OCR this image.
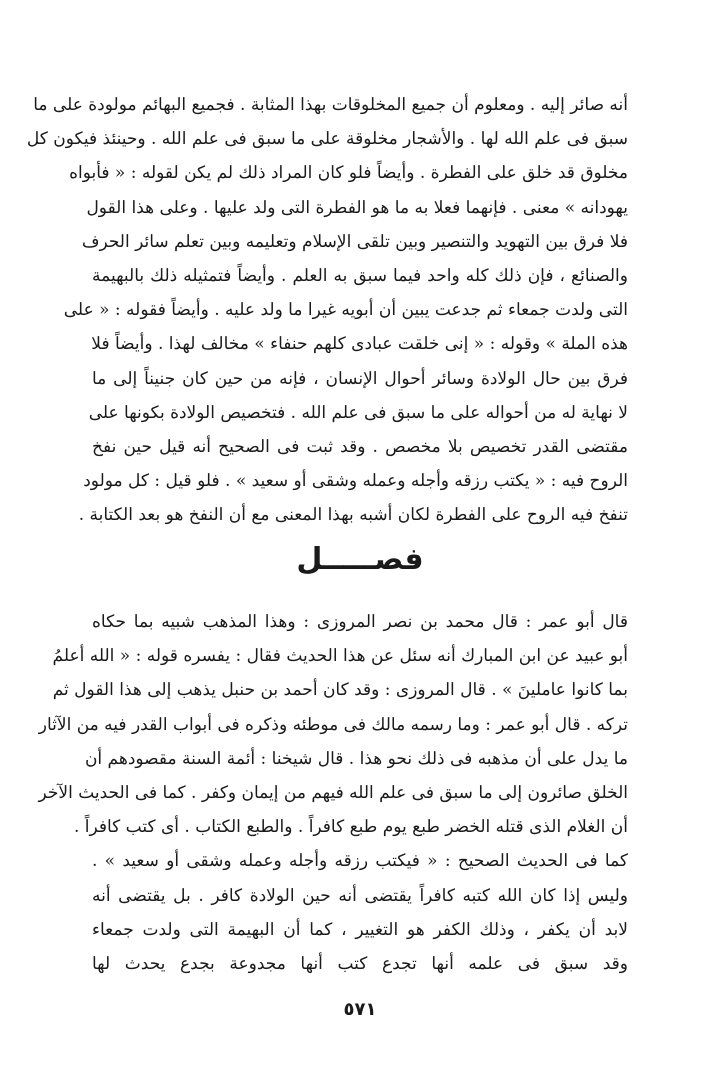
أنه صائر إليه . ومعلوم أن جميع المخلوقات بهذا المثابة . فجميع البهائم مولودة على ما
سبق فى علم الله لها . والأشجار مخلوقة على ما سبق فى علم الله . وحينئذ فيكون كل
مخلوق قد خلق على الفطرة . وأيضاً فلو كان المراد ذلك لم يكن لقوله : « فأبواه
يهودانه » معنى . فإنهما فعلا به ما هو الفطرة التى ولد عليها . وعلى هذا القول
فلا فرق بين التهويد والتنصير وبين تلقى الإسلام وتعليمه وبين تعلم سائر الحرف
والصنائع ، فإن ذلك كله واحد فيما سبق به العلم . وأيضاً فتمثيله ذلك بالبهيمة
التى ولدت جمعاء ثم جدعت يبين أن أبويه غيرا ما ولد عليه . وأيضاً فقوله : « على
هذه الملة » وقوله : « إنى خلقت عبادى كلهم حنفاء » مخالف لهذا . وأيضاً فلا
فرق بين حال الولادة وسائر أحوال الإنسان ، فإنه من حين كان جنيناً إلى ما
لا نهاية له من أحواله على ما سبق فى علم الله . فتخصيص الولادة بكونها على
مقتضى القدر تخصيص بلا مخصص . وقد ثبت فى الصحيح أنه قيل حين نفخ
الروح فيه : « يكتب رزقه وأجله وعمله وشقى أو سعيد » . فلو قيل : كل مولود
تنفخ فيه الروح على الفطرة لكان أشبه بهذا المعنى مع أن النفخ هو بعد الكتابة .
فصـــــل
قال أبو عمر : قال محمد بن نصر المروزى : وهذا المذهب شبيه بما حكاه
أبو عبيد عن ابن المبارك أنه سئل عن هذا الحديث فقال : يفسره قوله : « الله أعلمُ
بما كانوا عاملينَ » . قال المروزى : وقد كان أحمد بن حنبل يذهب إلى هذا القول ثم
تركه . قال أبو عمر : وما رسمه مالك فى موطئه وذكره فى أبواب القدر فيه من الآثار
ما يدل على أن مذهبه فى ذلك نحو هذا . قال شيخنا : أئمة السنة مقصودهم أن
الخلق صائرون إلى ما سبق فى علم الله فيهم من إيمان وكفر . كما فى الحديث الآخر
أن الغلام الذى قتله الخضر طبع يوم طبع كافراً . والطبع الكتاب . أى كتب كافراً .
كما فى الحديث الصحيح : « فيكتب رزقه وأجله وعمله وشقى أو سعيد » .
وليس إذا كان الله كتبه كافراً يقتضى أنه حين الولادة كافر . بل يقتضى أنه
لابد أن يكفر ، وذلك الكفر هو التغيير ، كما أن البهيمة التى ولدت جمعاء
وقد سبق فى علمه أنها تجدع كتب أنها مجدوعة بجدع يحدث لها
٥٧١
